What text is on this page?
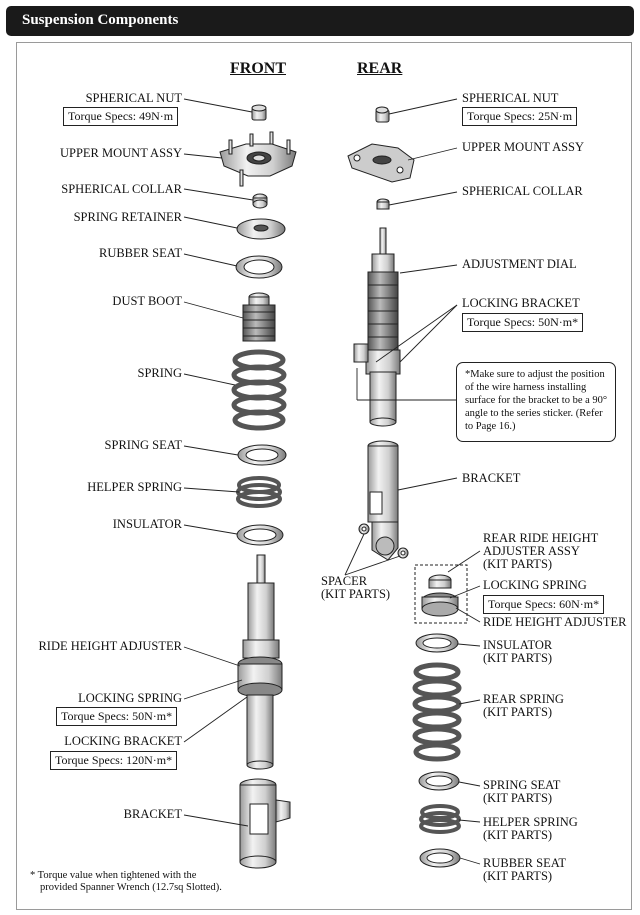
Suspension Components
FRONT	REAR
SPHERICAL NUT
Torque Specs: 49N·m
UPPER MOUNT ASSY
SPHERICAL COLLAR
SPRING RETAINER
RUBBER SEAT
DUST BOOT
SPRING
SPRING SEAT
HELPER SPRING
INSULATOR
RIDE HEIGHT ADJUSTER
LOCKING SPRING
Torque Specs: 50N·m*
LOCKING BRACKET
Torque Specs: 120N·m*
BRACKET
SPHERICAL NUT
Torque Specs: 25N·m
UPPER MOUNT ASSY
SPHERICAL COLLAR
ADJUSTMENT DIAL
LOCKING BRACKET
Torque Specs: 50N·m*
*Make sure to adjust the position of the wire harness installing surface for the bracket to be a 90° angle to the series sticker. (Refer to Page 16.)
BRACKET
REAR RIDE HEIGHT
ADJUSTER ASSY
(KIT PARTS)
SPACER
(KIT PARTS)
LOCKING SPRING
Torque Specs: 60N·m*
RIDE HEIGHT ADJUSTER
INSULATOR
(KIT PARTS)
REAR SPRING
(KIT PARTS)
SPRING SEAT
(KIT PARTS)
HELPER SPRING
(KIT PARTS)
RUBBER SEAT
(KIT PARTS)
* Torque value when tightened with the
provided Spanner Wrench (12.7sq Slotted).
